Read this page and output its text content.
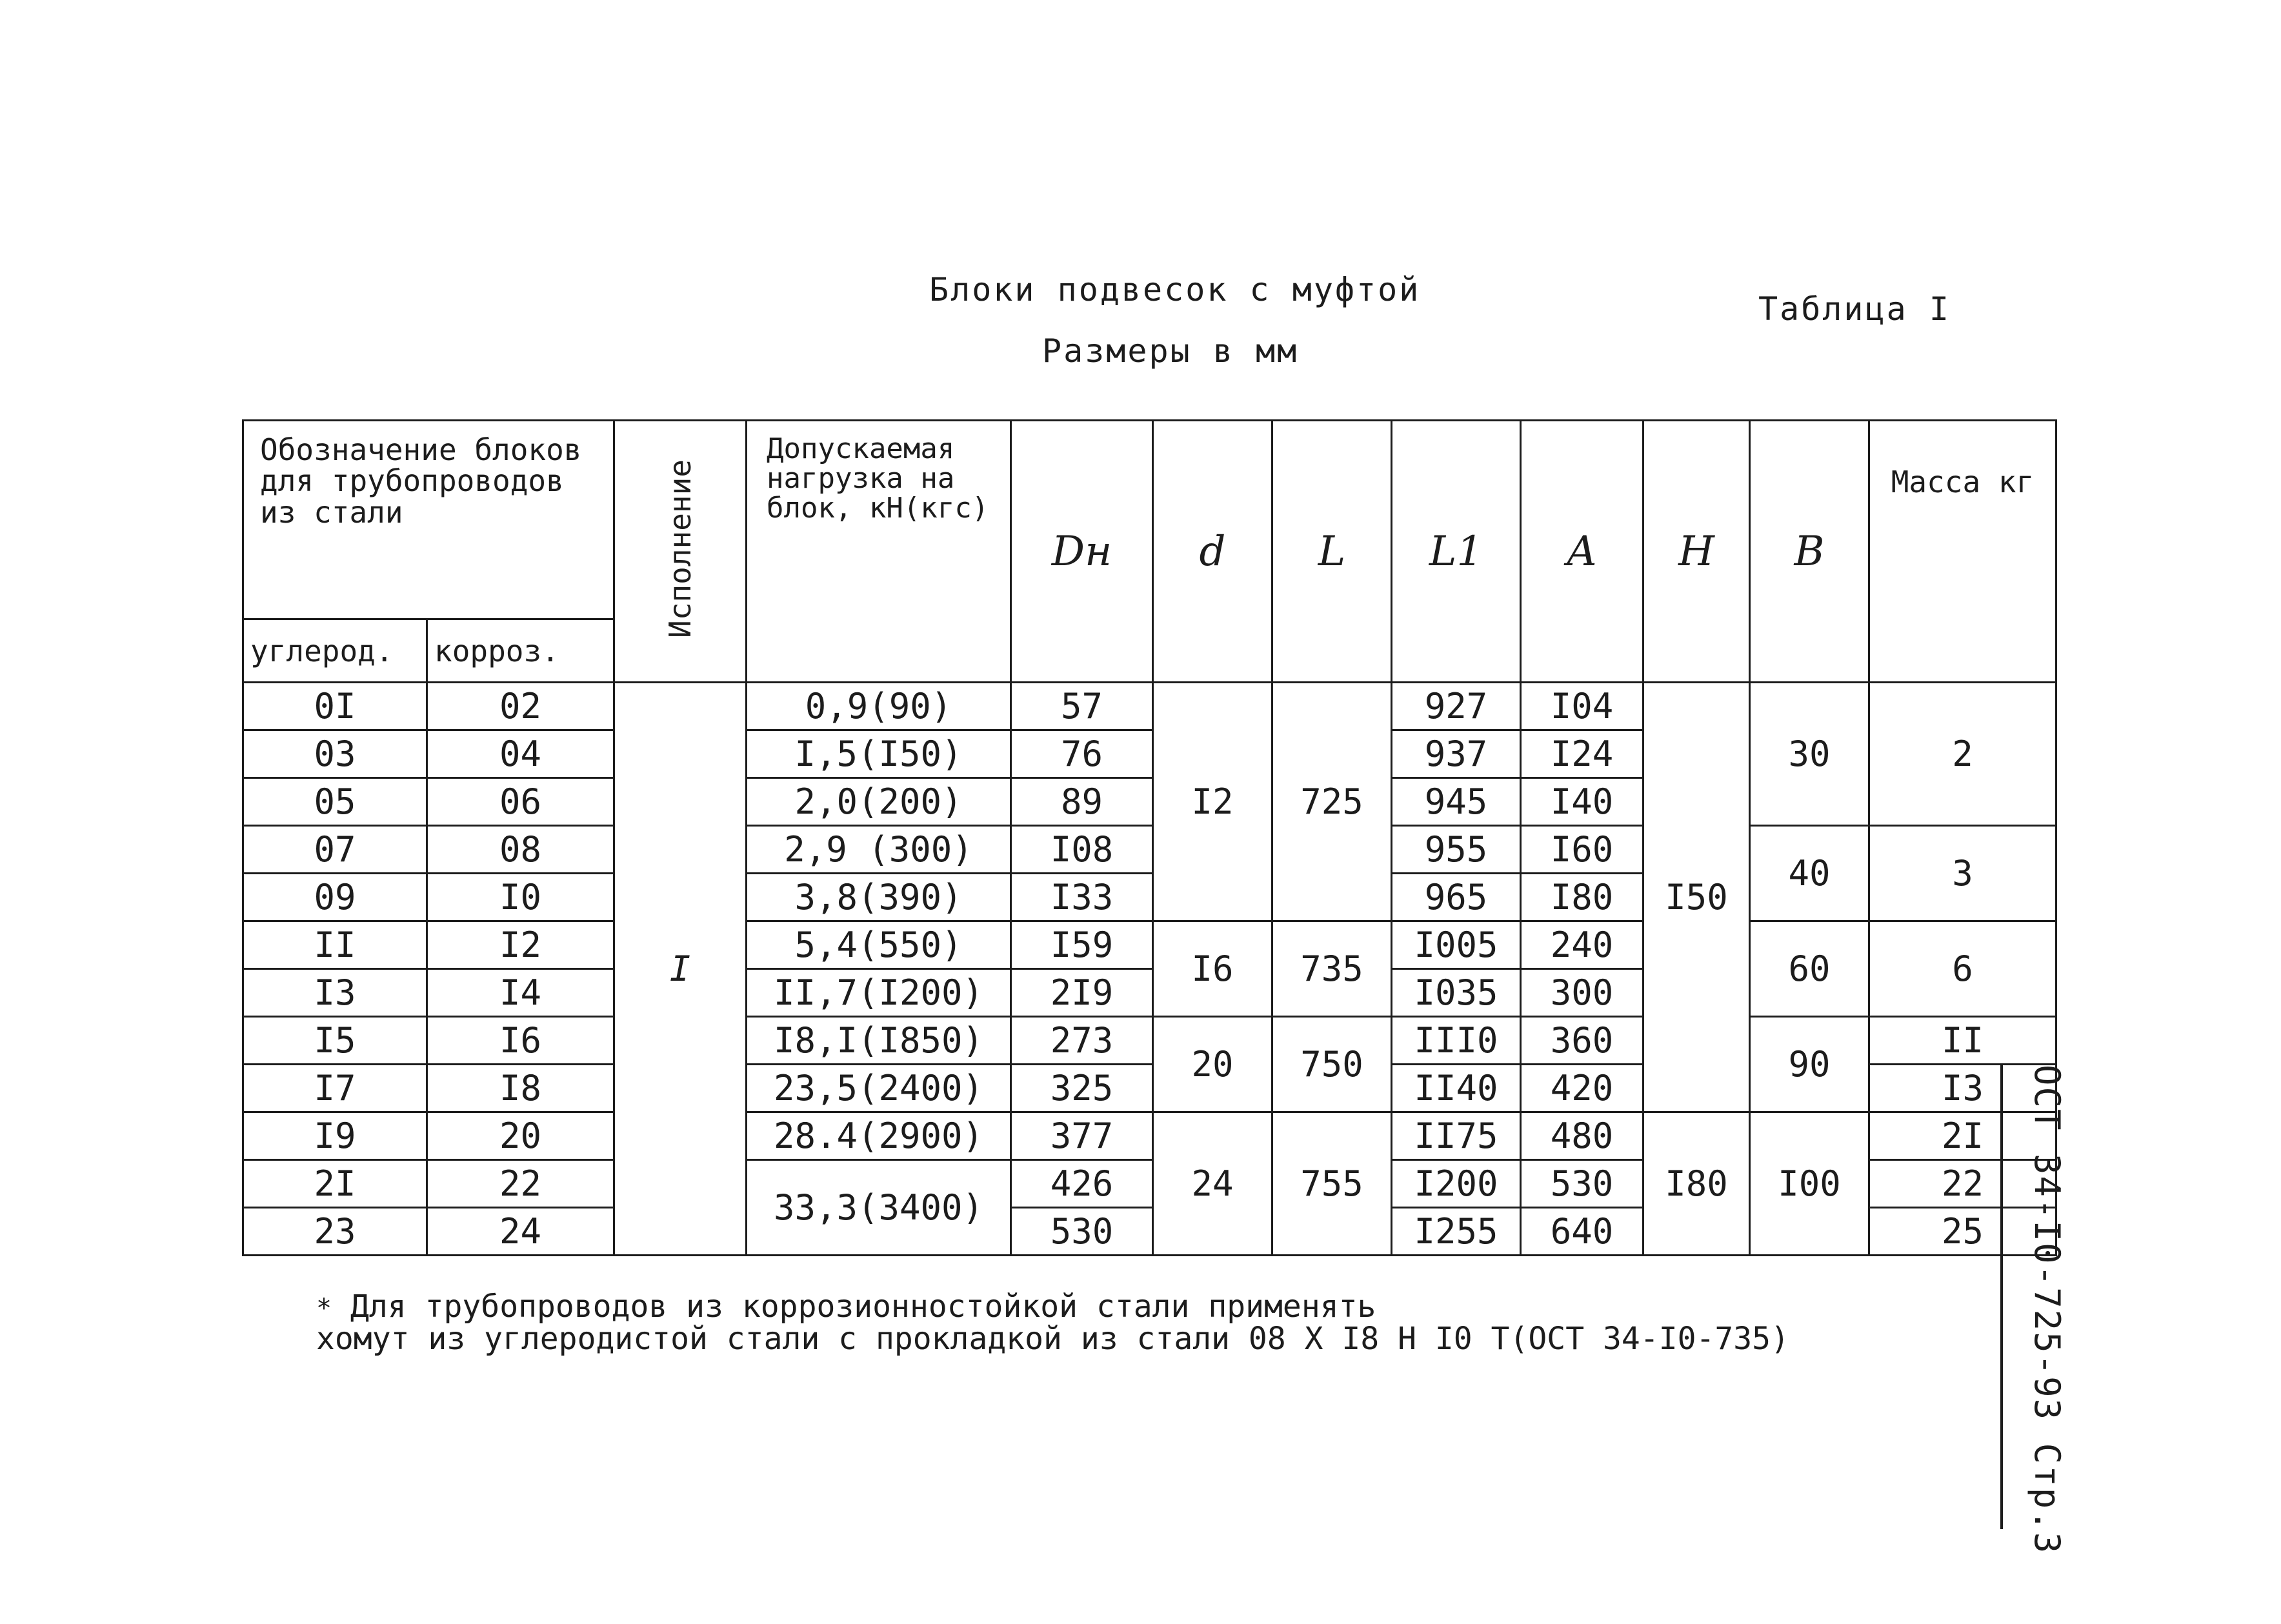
Блоки подвесок с муфтой
Таблица I
Размеры в мм
Обозначение блоков для трубопроводов из стали		Исполнение	Допускаемая нагрузка на блок, кН(кгс)	Dн	d	L	L1	A	H	B	Масса кг
углерод.	корроз.										
0I	02	I	0,9(90)	57	I2	725	927	I04	I50	30	2
03	04		I,5(I50)	76			937	I24			
05	06		2,0(200)	89			945	I40			
07	08		2,9 (300)	I08			955	I60		40	3
09	I0		3,8(390)	I33			965	I80			
II	I2		5,4(550)	I59	I6	735	I005	240		60	6
I3	I4		II,7(I200)	2I9			I035	300			
I5	I6		I8,I(I850)	273	20	750	III0	360		90	II
I7	I8		23,5(2400)	325			II40	420			I3
I9	20		28.4(2900)	377	24	755	II75	480	I80	I00	2I
2I	22		33,3(3400)	426			I200	530			22
23	24			530			I255	640			25
* Для трубопроводов из коррозионностойкой стали применять
хомут из углеродистой стали с прокладкой из стали 08 Х I8 Н I0 Т(ОСТ 34-I0-735)	ОСТ 34-I0-725-93 Стр.3
